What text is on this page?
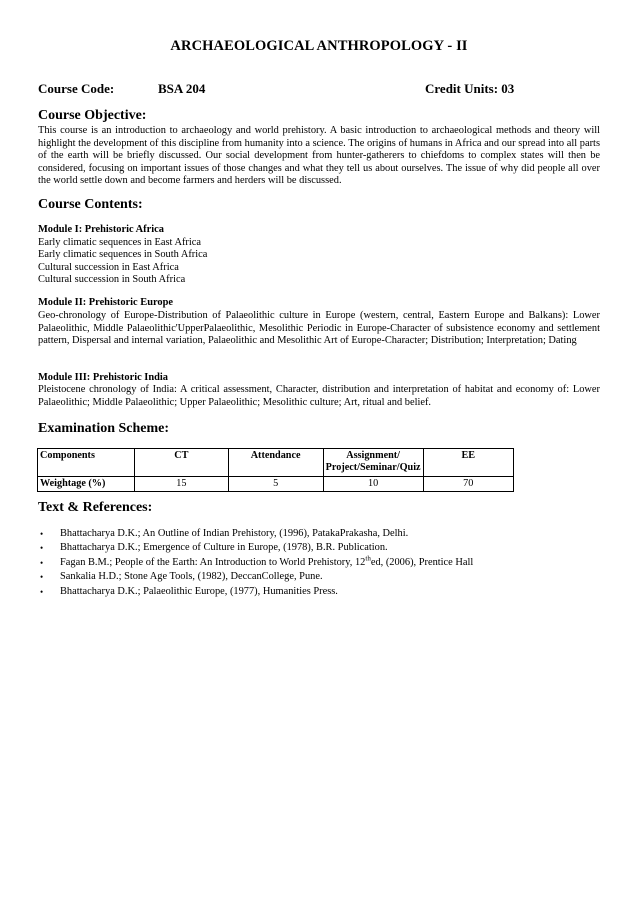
ARCHAEOLOGICAL ANTHROPOLOGY - II
Course Code:	BSA 204	Credit Units: 03
Course Objective:
This course is an introduction to archaeology and world prehistory. A basic introduction to archaeological methods and theory will highlight the development of this discipline from humanity into a science. The origins of humans in Africa and our spread into all parts of the earth will be briefly discussed. Our social development from hunter-gatherers to chiefdoms to complex states will then be considered, focusing on important issues of those changes and what they tell us about ourselves. The issue of why did people all over the world settle down and become farmers and herders will be discussed.
Course Contents:
Module I: Prehistoric Africa
Early climatic sequences in East Africa
Early climatic sequences in South Africa
Cultural succession in East Africa
Cultural succession in South Africa
Module II: Prehistoric Europe
Geo-chronology of Europe-Distribution of Palaeolithic culture in Europe (western, central, Eastern Europe and Balkans): Lower Palaeolithic, Middle Palaeolithic'UpperPalaeolithic, Mesolithic Periodic in Europe-Character of subsistence economy and settlement pattern, Dispersal and internal variation, Palaeolithic and Mesolithic Art of Europe-Character; Distribution; Interpretation; Dating
Module III: Prehistoric India
Pleistocene chronology of India: A critical assessment, Character, distribution and interpretation of habitat and economy of: Lower Palaeolithic; Middle Palaeolithic; Upper Palaeolithic; Mesolithic culture; Art, ritual and belief.
Examination Scheme:
Components	CT	Attendance	Assignment/
Project/Seminar/Quiz	EE
Weightage (%)	15	5	10	70
Text & References:
• Bhattacharya D.K.; An Outline of Indian Prehistory, (1996), PatakaPrakasha, Delhi.
• Bhattacharya D.K.; Emergence of Culture in Europe, (1978), B.R. Publication.
• Fagan B.M.; People of the Earth: An Introduction to World Prehistory, 12thed, (2006), Prentice Hall
• Sankalia H.D.; Stone Age Tools, (1982), DeccanCollege, Pune.
• Bhattacharya D.K.; Palaeolithic Europe, (1977), Humanities Press.
